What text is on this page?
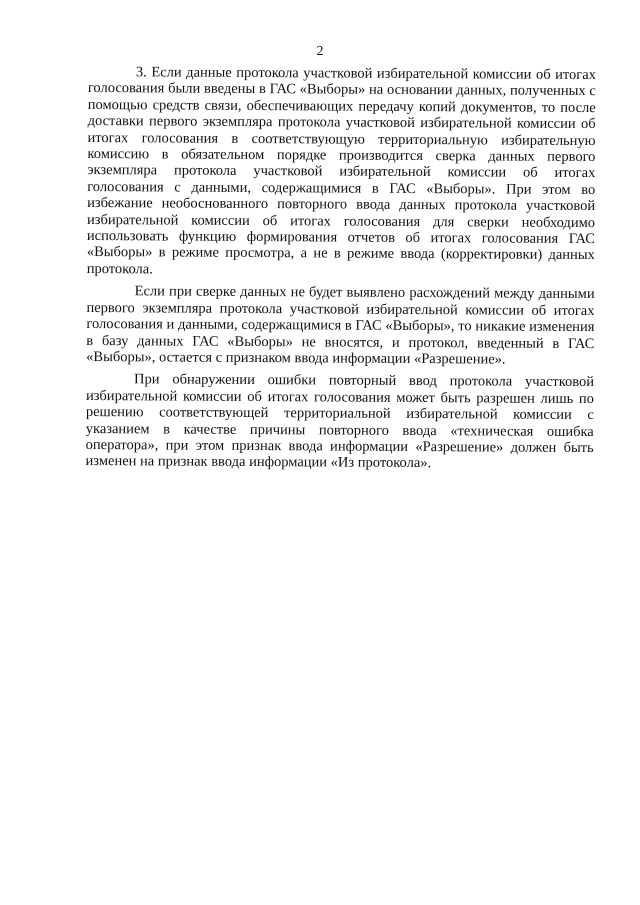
2

3. Если данные протокола участковой избирательной комиссии об итогах голосования были введены в ГАС «Выборы» на основании данных, полученных с помощью средств связи, обеспечивающих передачу копий документов, то после доставки первого экземпляра протокола участковой избирательной комиссии об итогах голосования в соответствующую территориальную избирательную комиссию в обязательном порядке производится сверка данных первого экземпляра протокола участковой избирательной комиссии об итогах голосования с данными, содержащимися в ГАС «Выборы». При этом во избежание необоснованного повторного ввода данных протокола участковой избирательной комиссии об итогах голосования для сверки необходимо использовать функцию формирования отчетов об итогах голосования ГАС «Выборы» в режиме просмотра, а не в режиме ввода (корректировки) данных протокола.

Если при сверке данных не будет выявлено расхождений между данными первого экземпляра протокола участковой избирательной комиссии об итогах голосования и данными, содержащимися в ГАС «Выборы», то никакие изменения в базу данных ГАС «Выборы» не вносятся, и протокол, введенный в ГАС «Выборы», остается с признаком ввода информации «Разрешение».

При обнаружении ошибки повторный ввод протокола участковой избирательной комиссии об итогах голосования может быть разрешен лишь по решению соответствующей территориальной избирательной комиссии с указанием в качестве причины повторного ввода «техническая ошибка оператора», при этом признак ввода информации «Разрешение» должен быть изменен на признак ввода информации «Из протокола».
